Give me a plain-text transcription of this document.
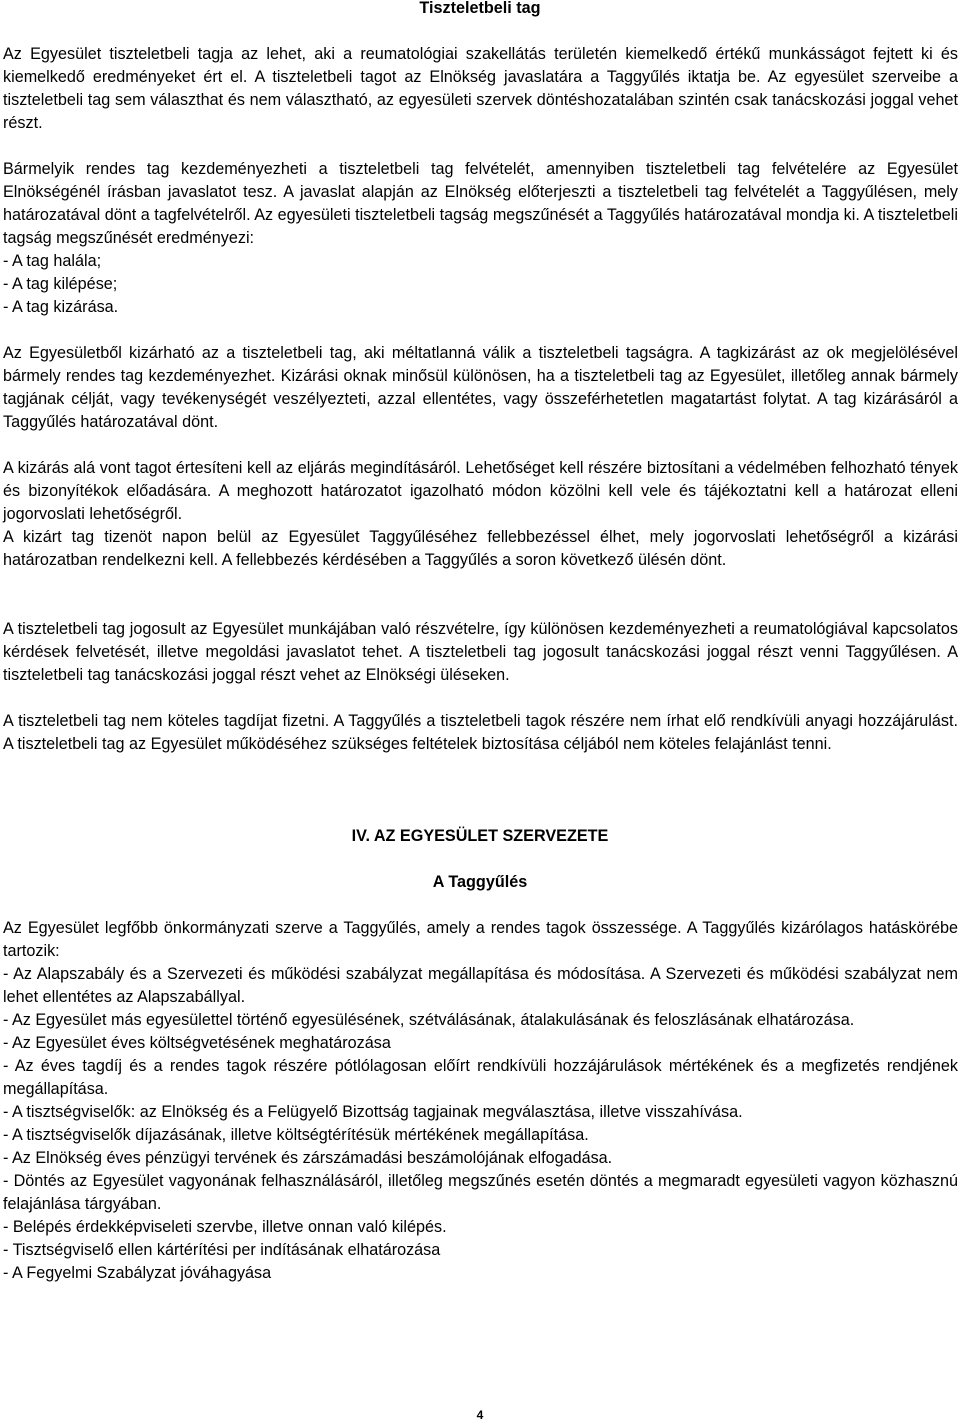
Tiszteletbeli tag

Az Egyesület tiszteletbeli tagja az lehet, aki a reumatológiai szakellátás területén kiemelkedő értékű munkásságot fejtett ki és kiemelkedő eredményeket ért el. A tiszteletbeli tagot az Elnökség javaslatára a Taggyűlés iktatja be. Az egyesület szerveibe a tiszteletbeli tag sem választhat és nem választható, az egyesületi szervek döntéshozatalában szintén csak tanácskozási joggal vehet részt.

Bármelyik rendes tag kezdeményezheti a tiszteletbeli tag felvételét, amennyiben tiszteletbeli tag felvételére az Egyesület Elnökségénél írásban javaslatot tesz. A javaslat alapján az Elnökség előterjeszti a tiszteletbeli tag felvételét a Taggyűlésen, mely határozatával dönt a tagfelvételről. Az egyesületi tiszteletbeli tagság megszűnését a Taggyűlés határozatával mondja ki. A tiszteletbeli tagság megszűnését eredményezi:

- A tag halála;

- A tag kilépése;

- A tag kizárása.

Az Egyesületből kizárható az a tiszteletbeli tag, aki méltatlanná válik a tiszteletbeli tagságra. A tagkizárást az ok megjelölésével bármely rendes tag kezdeményezhet. Kizárási oknak minősül különösen, ha a tiszteletbeli tag az Egyesület, illetőleg annak bármely tagjának célját, vagy tevékenységét veszélyezteti, azzal ellentétes, vagy összeférhetetlen magatartást folytat. A tag kizárásáról a Taggyűlés határozatával dönt.

A kizárás alá vont tagot értesíteni kell az eljárás megindításáról. Lehetőséget kell részére biztosítani a védelmében felhozható tények és bizonyítékok előadására. A meghozott határozatot igazolható módon közölni kell vele és tájékoztatni kell a határozat elleni jogorvoslati lehetőségről.

A kizárt tag tizenöt napon belül az Egyesület Taggyűléséhez fellebbezéssel élhet, mely jogorvoslati lehetőségről a kizárási határozatban rendelkezni kell. A fellebbezés kérdésében a Taggyűlés a soron következő ülésén dönt.

A tiszteletbeli tag jogosult az Egyesület munkájában való részvételre, így különösen kezdeményezheti a reumatológiával kapcsolatos kérdések felvetését, illetve megoldási javaslatot tehet. A tiszteletbeli tag jogosult tanácskozási joggal részt venni Taggyűlésen. A tiszteletbeli tag tanácskozási joggal részt vehet az Elnökségi üléseken.

A tiszteletbeli tag nem köteles tagdíjat fizetni. A Taggyűlés a tiszteletbeli tagok részére nem írhat elő rendkívüli anyagi hozzájárulást. A tiszteletbeli tag az Egyesület működéséhez szükséges feltételek biztosítása céljából nem köteles felajánlást tenni.

IV. AZ EGYESÜLET SZERVEZETE
A Taggyűlés

Az Egyesület legfőbb önkormányzati szerve a Taggyűlés, amely a rendes tagok összessége. A Taggyűlés kizárólagos hatáskörébe tartozik:

- Az Alapszabály és a Szervezeti és működési szabályzat megállapítása és módosítása. A Szervezeti és működési szabályzat nem lehet ellentétes az Alapszabállyal.

- Az Egyesület más egyesülettel történő egyesülésének, szétválásának, átalakulásának és feloszlásának elhatározása.

- Az Egyesület éves költségvetésének meghatározása

- Az éves tagdíj és a rendes tagok részére pótlólagosan előírt rendkívüli hozzájárulások mértékének és a megfizetés rendjének megállapítása.

- A tisztségviselők: az Elnökség és a Felügyelő Bizottság tagjainak megválasztása, illetve visszahívása.

- A tisztségviselők díjazásának, illetve költségtérítésük mértékének megállapítása.

- Az Elnökség éves pénzügyi tervének és zárszámadási beszámolójának elfogadása.

- Döntés az Egyesület vagyonának felhasználásáról, illetőleg megszűnés esetén döntés a megmaradt egyesületi vagyon közhasznú felajánlása tárgyában.

- Belépés érdekképviseleti szervbe, illetve onnan való kilépés.

- Tisztségviselő ellen kártérítési per indításának elhatározása

- A Fegyelmi Szabályzat jóváhagyása

4
